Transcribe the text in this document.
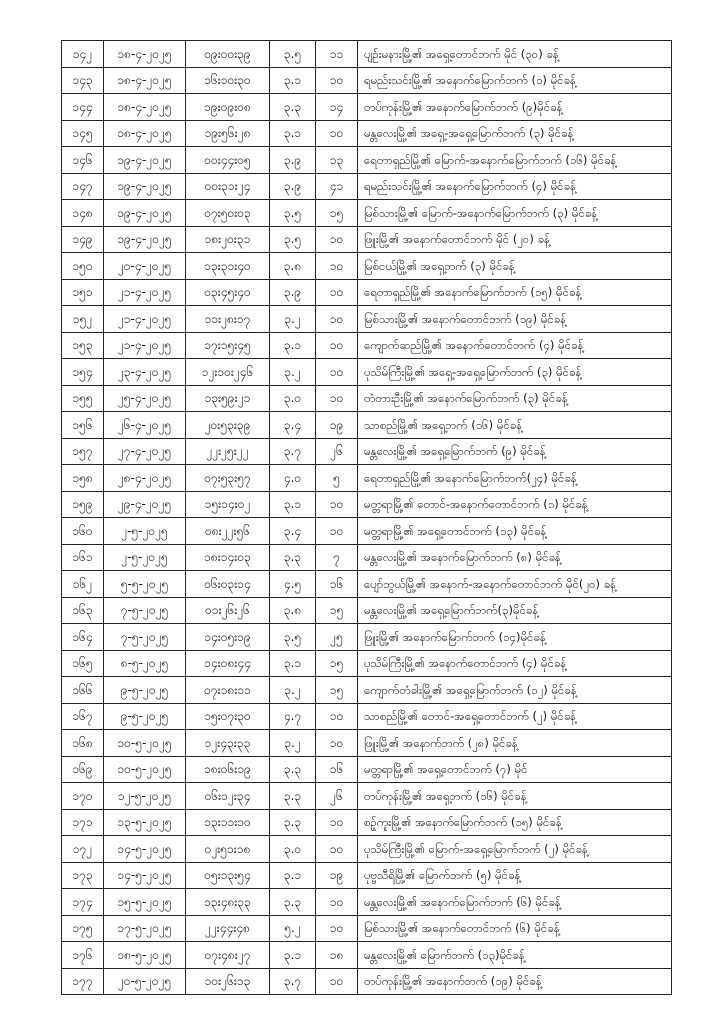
၁၄၂	၁၈-၄-၂၀၂၅	၀၉း၀၀း၃၉	၃.၅	၁၁	ပျဉ်းမနားမြို့၏ အရှေ့တောင်ဘက် မိုင် (၃၀) ခန့်
၁၄၃	၁၈-၄-၂၀၂၅	၁၆း၁၀း၃၀	၃.၁	၁၀	ရမည်းသင်းမြို့၏ အနောက်မြောက်ဘက် (၁) မိုင်ခန့်
၁၄၄	၁၈-၄-၂၀၂၅	၁၉း၀၉း၀၈	၃.၃	၁၄	တပ်ကုန်းမြို့၏ အနောက်မြောက်ဘက် (၉)မိုင်ခန့်
၁၄၅	၁၈-၄-၂၀၂၅	၁၉း၅၆း၂၈	၃.၁	၁၀	မန္တလေးမြို့၏ အရှေ့-အရှေ့မြောက်ဘက် (၃) မိုင်ခန့်
၁၄၆	၁၉-၄-၂၀၂၅	၀၀း၄၄း၀၅	၃.၉	၁၃	ရေတာရှည်မြို့၏ မြောက်-အနောက်မြောက်ဘက် (၁၆) မိုင်ခန့်
၁၄၇	၁၉-၄-၂၀၂၅	၀၀း၃၁း၂၄	၃.၉	၄၁	ရမည်းသင်းမြို့၏ အနောက်မြောက်ဘက် (၄) မိုင်ခန့်
၁၄၈	၁၉-၄-၂၀၂၅	၀၇း၅၀း၀၃	၃.၅	၁၅	မြစ်သားမြို့၏ မြောက်-အနောက်မြောက်ဘက် (၃) မိုင်ခန့်
၁၄၉	၁၉-၄-၂၀၂၅	၁၈း၂၀း၃၁	၃.၅	၁၀	ဖြူးမြို့၏ အနောက်တောင်ဘက် မိုင် (၂၀) ခန့်
၁၅၀	၂၀-၄-၂၀၂၅	၁၃း၃၁း၄၀	၃.၈	၁၀	မြစ်ငယ်မြို့၏ အရှေ့ဘက် (၃) မိုင်ခန့်
၁၅၁	၂၁-၄-၂၀၂၅	၀၃း၄၅း၄၀	၃.၉	၁၀	ရေတာရှည်မြို့၏ အနောက်မြောက်ဘက် (၁၅) မိုင်ခန့်
၁၅၂	၂၁-၄-၂၀၂၅	၁၁း၂၈း၁၇	၃.၂	၁၀	မြစ်သားမြို့၏ အနောက်တောင်ဘက် (၁၉) မိုင်ခန့်
၁၅၃	၂၁-၄-၂၀၂၅	၁၇း၁၅း၄၅	၃.၁	၁၀	ကျောက်ဆည်မြို့၏ အနောက်တောင်ဘက် (၄) မိုင်ခန့်
၁၅၄	၂၃-၄-၂၀၂၅	၁၂း၁၀း၂၄၆	၃.၂	၁၀	ပုသိမ်ကြီးမြို့၏ အရှေ့-အရှေ့မြောက်ဘက် (၃) မိုင်ခန့်
၁၅၅	၂၅-၄-၂၀၂၅	၁၃း၅၉း၂၁	၃.၀	၁၀	တံတားဦးမြို့၏ အနောက်မြောက်ဘက် (၃) မိုင်ခန့်
၁၅၆	၂၆-၄-၂၀၂၅	၂၀း၅၃း၃၉	၃.၄	၁၉	သာစည်မြို့၏ အရှေ့ဘက် (၁၆) မိုင်ခန့်
၁၅၇	၂၇-၄-၂၀၂၅	၂၂း၂၅း၂၂	၃.၇	၂၆	မန္တလေးမြို့၏ အရှေ့မြောက်ဘက် (၉) မိုင်ခန့်
၁၅၈	၂၈-၄-၂၀၂၅	၀၇း၅၃း၅၇	၄.၀	၅	ရေတာရှည်မြို့၏ အနောက်မြောက်ဘက်(၂၄) မိုင်ခန့်
၁၅၉	၂၉-၄-၂၀၂၅	၁၅း၁၄း၀၂	၃.၁	၁၀	မတ္တရာမြို့၏ တောင်-အနောက်တောင်ဘက် (၁) မိုင်ခန့်
၁၆၀	၂-၅-၂၀၂၅	၀၈း၂၂း၅၆	၃.၄	၁၀	မတ္တရာမြို့၏ အရှေ့တောင်ဘက် (၁၃) မိုင်ခန့်
၁၆၁	၂-၅-၂၀၂၅	၁၈း၁၄း၀၃	၃.၃	၇	မန္တလေးမြို့၏ အနောက်မြောက်ဘက် (၈) မိုင်ခန့်
၁၆၂	၅-၅-၂၀၂၅	၀၆း၀၃း၁၄	၄.၅	၁၆	ပျော်ဘွယ်မြို့၏ အနောက်-အနောက်တောင်ဘက် မိုင်(၂၀) ခန့်
၁၆၃	၇-၅-၂၀၂၅	၀၁း၂၆း၂၆	၃.၈	၁၅	မန္တလေးမြို့၏ အရှေ့မြောက်ဘက်(၃)မိုင်ခန့်
၁၆၄	၇-၅-၂၀၂၅	၁၄း၀၅း၁၉	၃.၅	၂၅	ဖြူးမြို့၏ အနောက်မြောက်ဘက် (၁၄)မိုင်ခန့်
၁၆၅	၈-၅-၂၀၂၅	၁၄း၀၈း၄၄	၃.၁	၁၅	ပုသိမ်ကြီးမြို့၏ အနောက်တောင်ဘက် (၄) မိုင်ခန့်
၁၆၆	၉-၅-၂၀၂၅	၀၇း၁၈း၁၁	၃.၂	၁၅	ကျောက်တံခါးမြို့၏ အရှေ့မြောက်ဘက် (၁၂) မိုင်ခန့်
၁၆၇	၉-၅-၂၀၂၅	၁၅း၀၇း၃၀	၄.၇	၁၀	သာစည်မြို့၏ တောင်-အရှေ့တောင်ဘက် (၂) မိုင်ခန့်
၁၆၈	၁၀-၅-၂၀၂၅	၁၂း၄၃း၃၃	၃.၂	၁၀	ဖြူးမြို့၏ အနောက်ဘက် (၂၈) မိုင်ခန့်
၁၆၉	၁၀-၅-၂၀၂၅	၁၈း၀၆း၁၉	၃.၃	၁၆	မတ္တရာမြို့၏ အရှေ့တောင်ဘက် (၇) မိုင်
၁၇၀	၁၂-၅-၂၀၂၅	၀၆း၁၂း၃၄	၃.၃	၂၆	တပ်ကုန်းမြို့၏ အရှေ့ဘက် (၁၆) မိုင်ခန့်
၁၇၁	၁၃-၅-၂၀၂၅	၁၃း၁၁း၁၀	၃.၃	၁၀	စဥ့်ကူးမြို့၏ အနောက်မြောက်ဘက် (၁၅) မိုင်ခန့်
၁၇၂	၁၄-၅-၂၀၂၅	၀၂း၅၁း၁၈	၃.၀	၁၀	ပုသိမ်ကြီးမြို့၏ မြောက်-အရှေ့မြောက်ဘက် (၂) မိုင်ခန့်
၁၇၃	၁၄-၅-၂၀၂၅	၀၅း၁၃း၅၄	၃.၁	၁၉	ပုဗ္ဗသီရိမြို့၏ မြောက်ဘက် (၅) မိုင်ခန့်
၁၇၄	၁၅-၅-၂၀၂၅	၁၃း၄၈း၃၃	၃.၃	၁၀	မန္တလေးမြို့၏ အနောက်မြောက်ဘက် (၆) မိုင်ခန့်
၁၇၅	၁၇-၅-၂၀၂၅	၂၂း၄၄း၄၈	၅.၂	၁၀	မြစ်သားမြို့၏ အနောက်တောင်ဘက် (၆) မိုင်ခန့်
၁၇၆	၁၈-၅-၂၀၂၅	၀၇း၄၈း၂၇	၃.၁	၁၈	မန္တလေးမြို့၏ မြောက်ဘက် (၁၃)မိုင်ခန့်
၁၇၇	၂၀-၅-၂၀၂၅	၁၀း၂၆း၁၃	၃.၇	၁၀	တပ်ကုန်းမြို့၏ အနောက်ဘက် (၁၉) မိုင်ခန့်
